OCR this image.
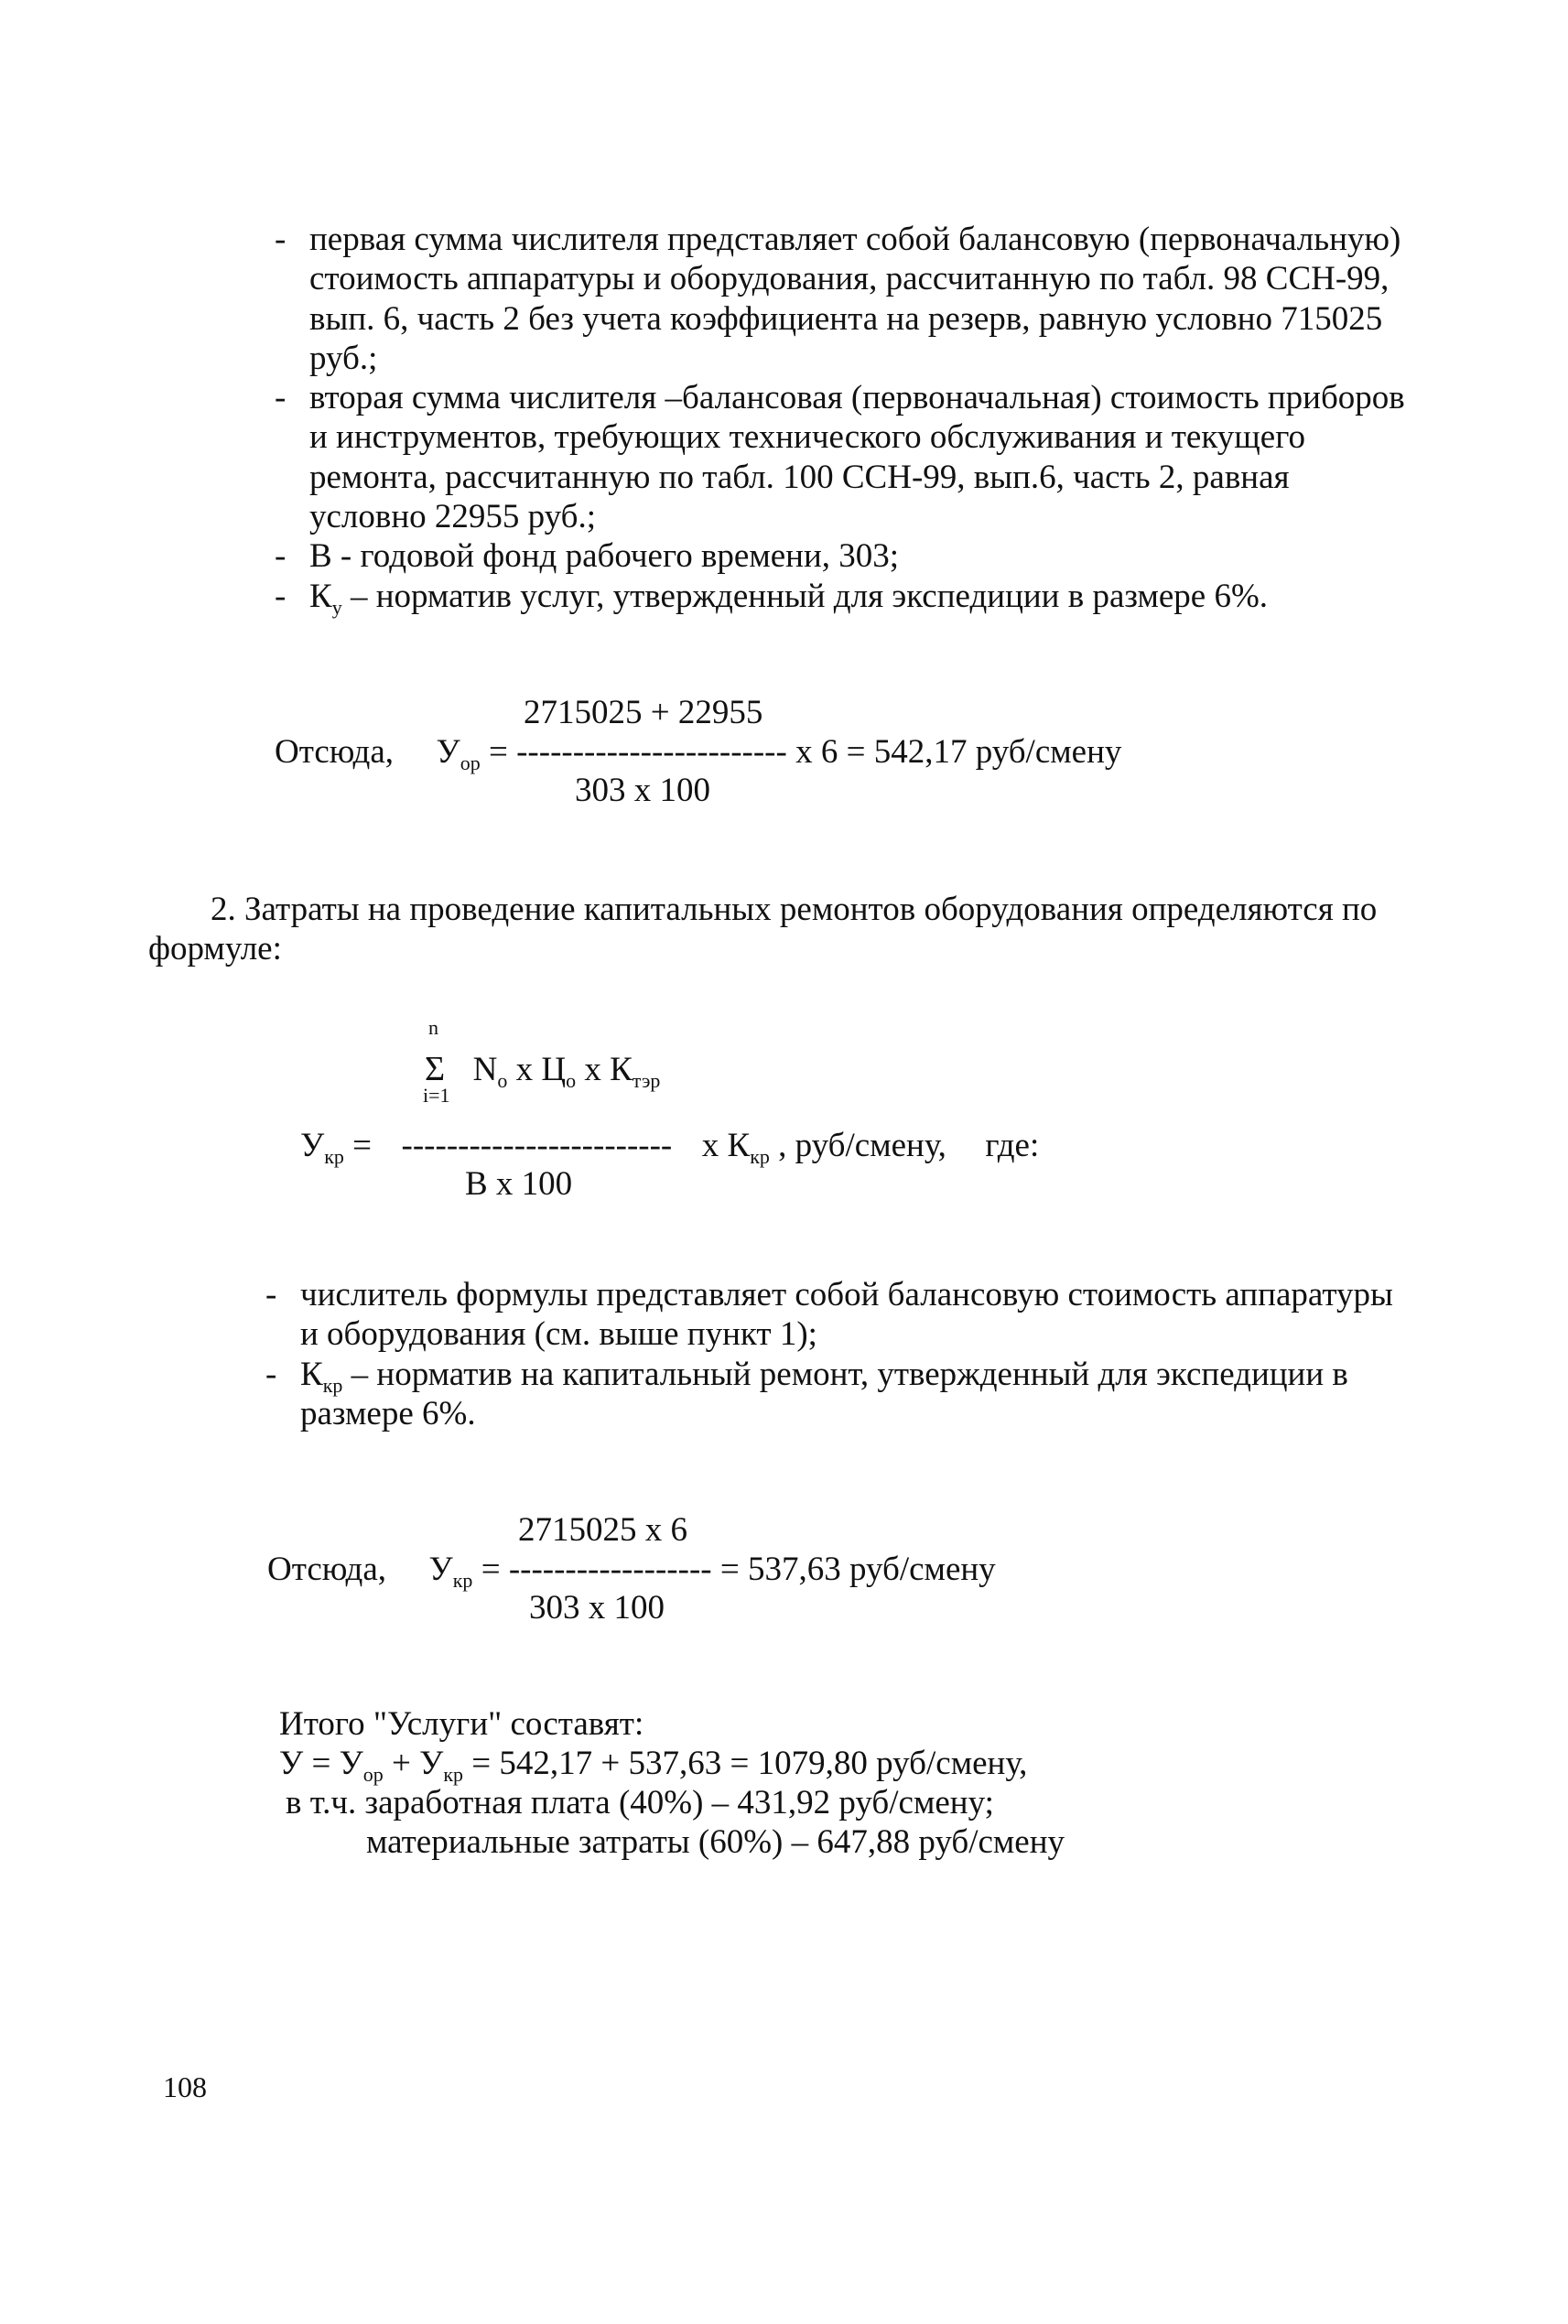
- первая сумма числителя представляет собой балансовую (первоначальную) стоимость аппаратуры и оборудования, рассчитанную по табл. 98 ССН-99, вып. 6, часть 2 без учета коэффициента на резерв, равную условно 715025 руб.;

- вторая сумма числителя –балансовая (первоначальная) стоимость приборов и инструментов, требующих технического обслуживания и текущего ремонта, рассчитанную по табл. 100 ССН-99, вып.6, часть 2, равная условно 22955 руб.;

- В - годовой фонд рабочего времени, 303;

- $К_у$ – норматив услуг, утвержденный для экспедиции в размере 6%.

2715025 + 22955
Отсюда, $У_{ор}$ = ------------------------ х 6 = 542,17 руб/смену
303 х 100
2. Затраты на проведение капитальных ремонтов оборудования определяются по
формуле:
n
Σ $N_о$ х $Ц_о$ х $К_{тэр}$
i=1
$У_{кр}$ = ------------------------ х $К_{кр}$ , руб/смену, где:
В х 100

- числитель формулы представляет собой балансовую стоимость аппаратуры и оборудования (см. выше пункт 1);

- $К_{кр}$ – норматив на капитальный ремонт, утвержденный для экспедиции в размере 6%.

2715025 х 6
Отсюда, $У_{кр}$ = ------------------ = 537,63 руб/смену
303 х 100
Итого "Услуги" составят:
$У = У_{ор} + У_{кр} = 542,17 + 537,63 = 1079,80$ руб/смену,
в т.ч. заработная плата (40%) – 431,92 руб/смену;
материальные затраты (60%) – 647,88 руб/смену
108
